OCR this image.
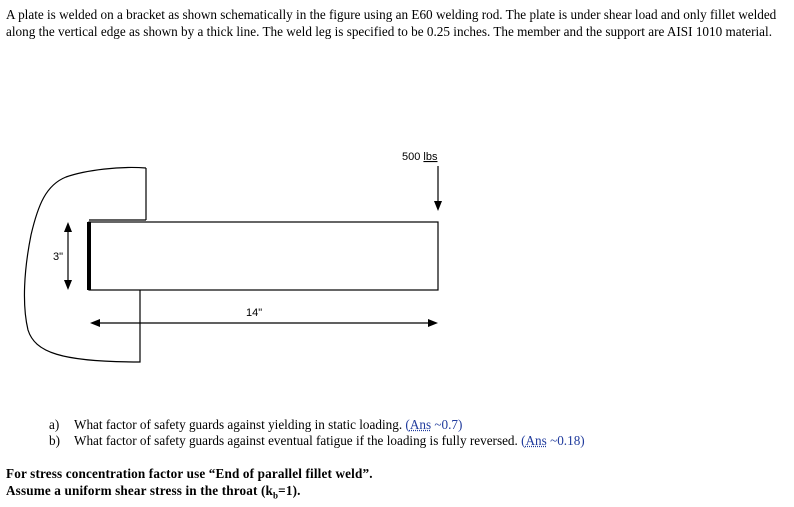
A plate is welded on a bracket as shown schematically in the figure using an E60 welding rod. The plate is under shear load and only fillet welded along the vertical edge as shown by a thick line. The weld leg is specified to be 0.25 inches. The member and the support are AISI 1010 material.

3"
14"
500 lbs
a) What factor of safety guards against yielding in static loading. (Ans ~0.7)
b) What factor of safety guards against eventual fatigue if the loading is fully reversed. (Ans ~0.18)
For stress concentration factor use “End of parallel fillet weld”.
Assume a uniform shear stress in the throat $(k_b=1)$.
